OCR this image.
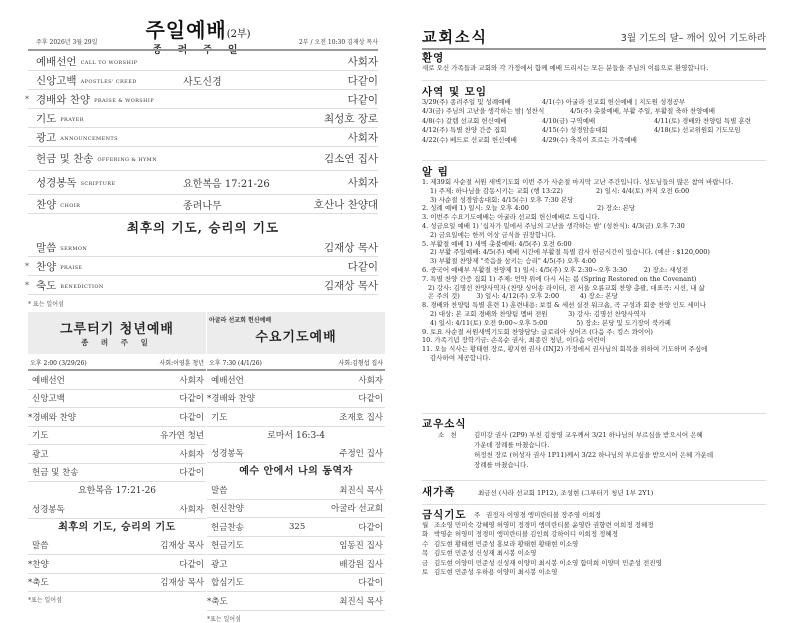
주일예배(2부)
주후 2026년 3월 29일	2부 / 오전 10:30 김재상 목사
예배선언 CALL TO WORSHIP	사회자
신앙고백 APOSTLES' CREED	사도신경	다같이
* 경배와 찬양 PRAISE & WORSHIP	다같이
기도 PRAYER	최성호 장로
광고 ANNOUNCEMENTS	사회자
헌금 및 찬송 OFFERING & HYMN	김소연 집사
성경봉독 SCRIPTURE	요한복음 17:21-26	사회자
찬양 CHOIR	종려나무	호산나 찬양대
최후의 기도, 승리의 기도
말씀 SERMON	김재상 목사
* 찬양 PRAISE	다같이
* 축도 BENEDICTION	김재상 목사
* 표는 일어섬
그루터기 청년예배
종 려 주 일
오후 2:00 (3/29/26)	사회:이영훈 청년
예배선언	사회자
신앙고백	다같이
*경배와 찬양	다같이
기도	유가연 청년
광고	사회자
헌금 및 찬송	다같이
요한복음 17:21-26
성경봉독	사회자
최후의 기도, 승리의 기도
말씀	김재상 목사
*찬양	다같이
*축도	김재상 목사
*표는 일어섬
아굴라 선교회 헌신예배
수요기도예배
오후 7:30 (4/1/26)	사회:김형섭 집사
예배선언	사회자
*경배와 찬양	다같이
기도	조재호 집사
로마서 16:3-4
성경봉독	주정인 집사
예수 안에서 나의 동역자
말씀	최진식 목사
헌신찬양	아굴라 선교회
헌금찬송	325	다같이
헌금기도	임동진 집사
광고	배강원 집사
합심기도	다같이
*축도	최진식 목사
*표는 일어섬
교회소식	3월 기도의 달– 깨어 있어 기도하라
환영
새로 오신 가족들과 교회와 각 가정에서 함께 예배 드리시는 모든 분들을 주님의 이름으로 환영합니다.
사역 및 모임
3/29(주) 종려주일 및 성례예배	4/1(수) 아굴라 선교회 헌신예배 | 지도원 성경공부
4/3(금) 주님의 고난을 생각하는 밤| 성찬식	4/5(주) 촛불예배, 부활 주일, 부활절 축하 찬양예배
4/8(수) 갈렙 선교회 헌신예배	4/10(금) 구역예배	4/11(토) 경배와 찬양팀 특별 훈련
4/12(주) 특별 찬양 간증 집회	4/15(수) 성경암송대회	4/18(토) 선교위원회 기도모임
4/22(수) 베드로 선교회 헌신예배	4/29(수) 축복이 흐르는 가족예배
알 림
1. 제39회 사순절 서원 새벽기도회 이번 주가 사순절 마지막 고난 주간입니다. 성도님들의 많은 참여 바랍니다.
1) 주제: 하나님을 감동시키는 교회 (행 13:22)                2) 일시: 4/4(토) 까지 오전 6:00
3) 사순절 성경암송대회: 4/15(수) 오후 7:30 본당
2. 성례 예배 1) 일시: 오늘 오후 4:00                                 2) 장소: 본당
3. 이번주 수요기도예배는 아굴라 선교회 헌신예배로 드립니다.
4. 성금요일 예배 1) '십자가 밑에서 주님의 고난을 생각하는 밤' (성찬식): 4/3(금) 오후 7:30
2) 금요일에는 한끼 이상 금식을 권장합니다.
5. 부활절 예배 1) 새벽 촛불예배: 4/5(주) 오전 6:00
2) 부활 주일예배: 4/5(주) 예배 시간에 부활절 특별 감사 헌금시간이 있습니다. (예산 : $120,000)
3) 부활절 찬양제 "죽음을 삼키는 승리" 4/5(주) 오후 4:00
6. 중국어 예배부 부활절 찬양제 1) 일시: 4/5(주) 오후 2:30~오후 3:30        2) 장소: 새성전
7. 특별 찬양 간증 집회 1) 주제: 언약 위에 다시 서는 봄 (Spring Restored on the Covenant)
2) 강사: 김명선 찬양사역자 (찬양 싱어송 라이터, 전 서울 오륜교회 찬양 총괄, 대표곡: 시선, 내 삶
은 주의 것)        3) 일시: 4/12(주) 오후 2:00          4) 장소: 본당
8. 경배와 찬양팀 특별 훈련 1) 훈련내용: 보컬 & 세션 실전 워크숍, 곡 구성과 회중 찬양 인도 세미나
2) 대상: 본 교회 경배와 찬양팀 멤버 전원          3) 강사: 김명선 찬양사역자
4) 일시: 4/11(토) 오전 9:00~오후 5:00              5) 장소: 본당 및 도기장이 북카페
9. 토요 사순절 서원새벽기도회 찬양담당: 글로리아 싱어즈 (다음 주: 킹스 콰이어)
10. 가족기념 장학기금: 손옥순 권사, 최종린 청년, 이다솜 어린이
11. 오늘 식사는 황태현 장로, 황지현 권사 (INJ2) 가정에서 권사님의 회복을 위하여 기도하며 주심에
감사하여 제공합니다.
교우소식
소 천	김미강 권사 (2P9) 부친 김창영 교우께서 3/21 하나님의 부르심을 받으시어 은혜
가운데 장례를 마쳤습니다.
허정천 장로 (허성자 권사 1P11)께서 3/22 하나님의 부르심을 받으시어 은혜 가운데
장례를 마쳤습니다.
새가족	최금선 (사라 선교회 1P12), 조성현 (그루터기 청년 1부 2Y1)
금식기도	주 권정자 이영경 엥미란티볼 장주영 이희정
월 조소영 민미숙 강혜영 허영미 정경미 엥미란티볼 윤영란 권향련 이희정 정혜정
화 박영순 허영미 정경미 엥미란티볼 김인희 강하이디 이희정 정혜정
수 김도현 황태현 민준성 홍보라 황태현 황태현 이소영
목 김도현 민준성 신성재 최시봉 이소영
금 김도현 이양미 민준성 신성재 이양미 최시봉 이소영 함미희 이양미 민준성 전진영
토 김도현 민준성 우하용 이양미 최시봉 이소영
